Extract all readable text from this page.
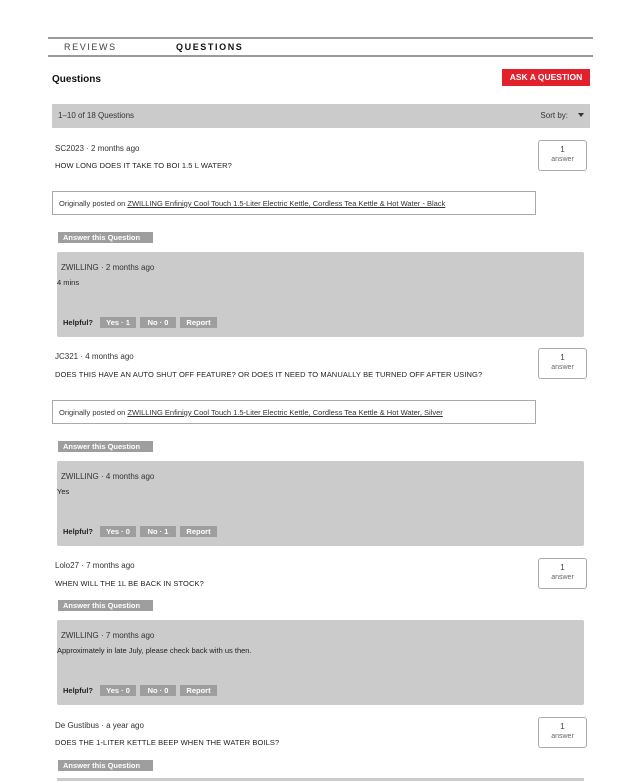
REVIEWS	QUESTIONS
Questions	ASK A QUESTION
1–10 of 18 Questions	Sort by:
SC2023 · 2 months ago
HOW LONG DOES IT TAKE TO BOI 1.5 L WATER?
1
answer
Originally posted on ZWILLING Enfinigy Cool Touch 1.5-Liter Electric Kettle, Cordless Tea Kettle & Hot Water - Black
Answer this Question
ZWILLING · 2 months ago
4 mins
Helpful?	Yes · 1	No · 0	Report
JC321 · 4 months ago
DOES THIS HAVE AN AUTO SHUT OFF FEATURE? OR DOES IT NEED TO MANUALLY BE TURNED OFF AFTER USING?
1
answer
Originally posted on ZWILLING Enfinigy Cool Touch 1.5-Liter Electric Kettle, Cordless Tea Kettle & Hot Water, Silver
Answer this Question
ZWILLING · 4 months ago
Yes
Helpful?	Yes · 0	No · 1	Report
Lolo27 · 7 months ago
WHEN WILL THE 1L BE BACK IN STOCK?
1
answer
Answer this Question
ZWILLING · 7 months ago
Approximately in late July, please check back with us then.
Helpful?	Yes · 0	No · 0	Report
De Gustibus · a year ago
DOES THE 1-LITER KETTLE BEEP WHEN THE WATER BOILS?
1
answer
Answer this Question
